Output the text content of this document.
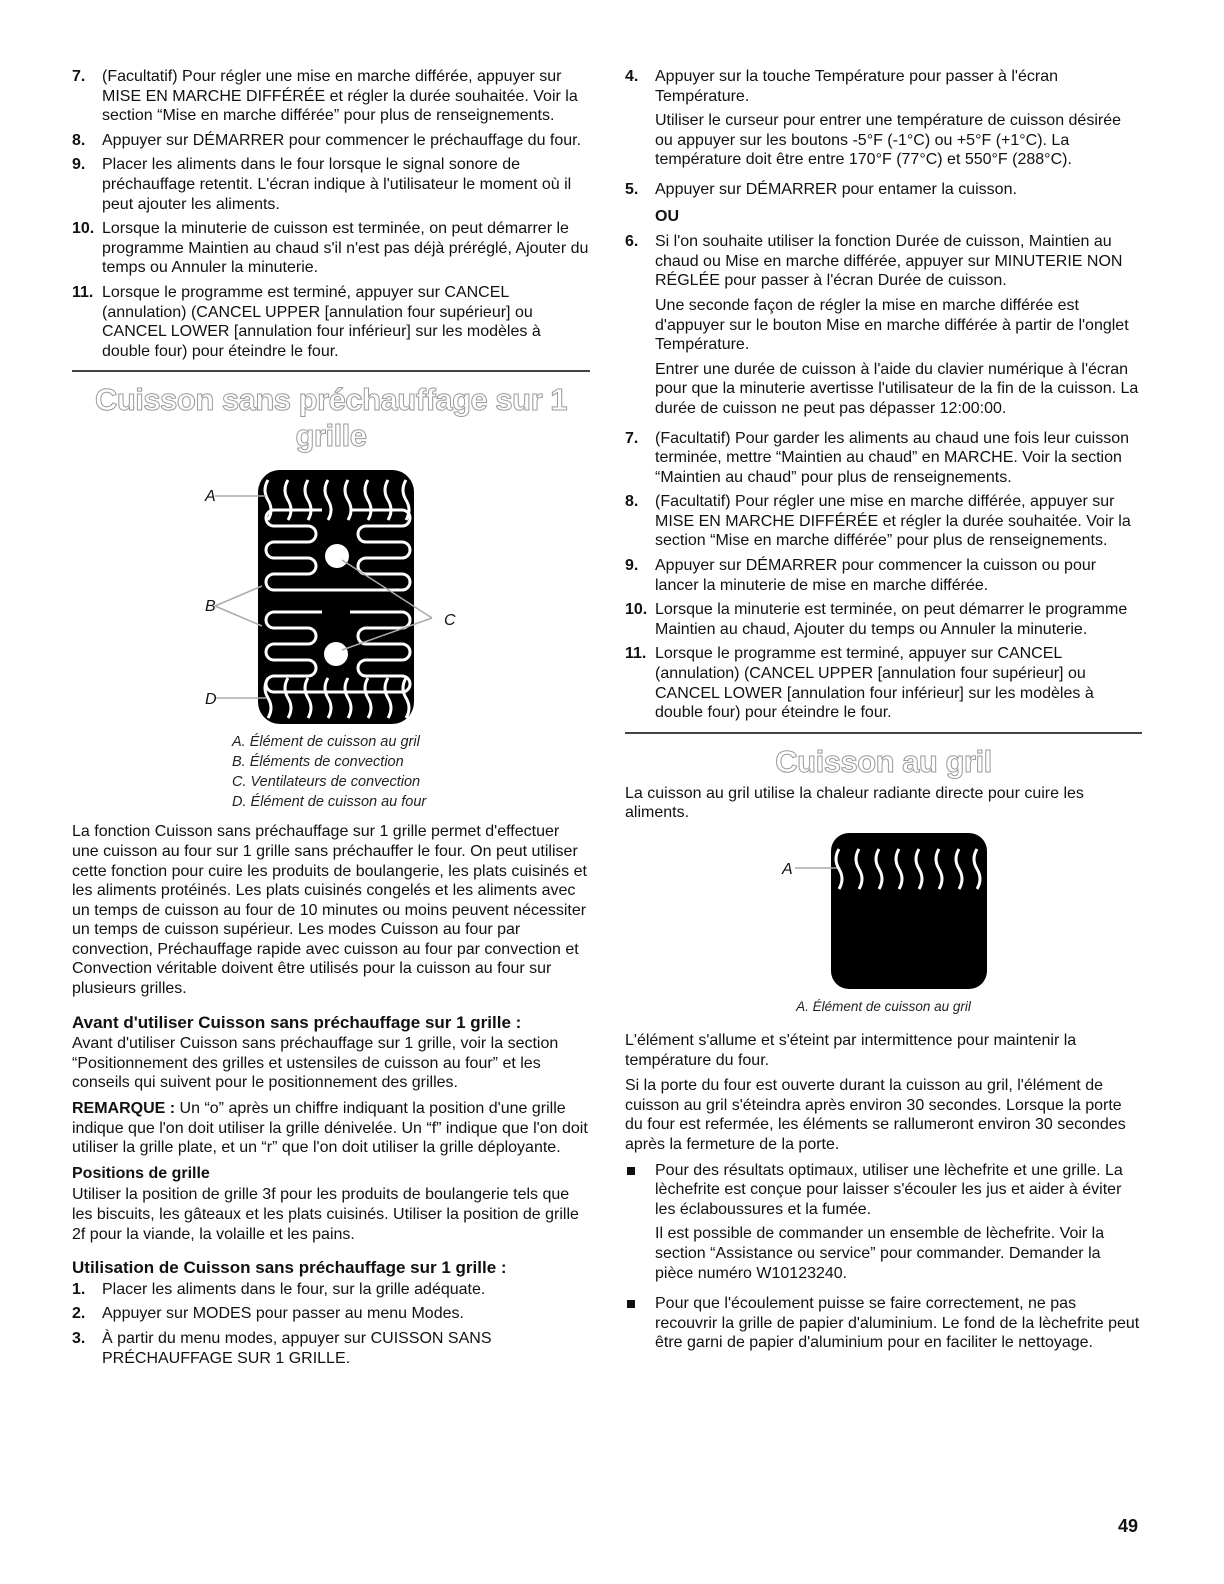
7.	(Facultatif) Pour régler une mise en marche différée, appuyer sur MISE EN MARCHE DIFFÉRÉE et régler la durée souhaitée. Voir la section “Mise en marche différée” pour plus de renseignements.
8.	Appuyer sur DÉMARRER pour commencer le préchauffage du four.
9.	Placer les aliments dans le four lorsque le signal sonore de préchauffage retentit. L'écran indique à l'utilisateur le moment où il peut ajouter les aliments.
10. Lorsque la minuterie de cuisson est terminée, on peut démarrer le programme Maintien au chaud s'il n'est pas déjà préréglé, Ajouter du temps ou Annuler la minuterie.
11. Lorsque le programme est terminé, appuyer sur CANCEL (annulation) (CANCEL UPPER [annulation four supérieur] ou CANCEL LOWER [annulation four inférieur] sur les modèles à double four) pour éteindre le four.
Cuisson sans préchauffage sur 1 grille
A
B
C
D
A. Élément de cuisson au gril
B. Éléments de convection
C. Ventilateurs de convection
D. Élément de cuisson au four

La fonction Cuisson sans préchauffage sur 1 grille permet d'effectuer une cuisson au four sur 1 grille sans préchauffer le four. On peut utiliser cette fonction pour cuire les produits de boulangerie, les plats cuisinés et les aliments protéinés. Les plats cuisinés congelés et les aliments avec un temps de cuisson au four de 10 minutes ou moins peuvent nécessiter un temps de cuisson supérieur. Les modes Cuisson au four par convection, Préchauffage rapide avec cuisson au four par convection et Convection véritable doivent être utilisés pour la cuisson au four sur plusieurs grilles.

Avant d'utiliser Cuisson sans préchauffage sur 1 grille :

Avant d'utiliser Cuisson sans préchauffage sur 1 grille, voir la section “Positionnement des grilles et ustensiles de cuisson au four” et les conseils qui suivent pour le positionnement des grilles.

REMARQUE : Un “o” après un chiffre indiquant la position d'une grille indique que l'on doit utiliser la grille dénivelée. Un “f” indique que l'on doit utiliser la grille plate, et un “r” que l'on doit utiliser la grille déployante.

Positions de grille

Utiliser la position de grille 3f pour les produits de boulangerie tels que les biscuits, les gâteaux et les plats cuisinés. Utiliser la position de grille 2f pour la viande, la volaille et les pains.

Utilisation de Cuisson sans préchauffage sur 1 grille :
1.	Placer les aliments dans le four, sur la grille adéquate.
2.	Appuyer sur MODES pour passer au menu Modes.
3.	À partir du menu modes, appuyer sur CUISSON SANS PRÉCHAUFFAGE SUR 1 GRILLE.
4.	Appuyer sur la touche Température pour passer à l'écran Température.

Utiliser le curseur pour entrer une température de cuisson désirée ou appuyer sur les boutons -5°F (-1°C) ou +5°F (+1°C). La température doit être entre 170°F (77°C) et 550°F (288°C).

5.	Appuyer sur DÉMARRER pour entamer la cuisson.

OU
6.	Si l'on souhaite utiliser la fonction Durée de cuisson, Maintien au chaud ou Mise en marche différée, appuyer sur MINUTERIE NON RÉGLÉE pour passer à l'écran Durée de cuisson.

Une seconde façon de régler la mise en marche différée est d'appuyer sur le bouton Mise en marche différée à partir de l'onglet Température.

Entrer une durée de cuisson à l'aide du clavier numérique à l'écran pour que la minuterie avertisse l'utilisateur de la fin de la cuisson. La durée de cuisson ne peut pas dépasser 12:00:00.

7.	(Facultatif) Pour garder les aliments au chaud une fois leur cuisson terminée, mettre “Maintien au chaud” en MARCHE. Voir la section “Maintien au chaud” pour plus de renseignements.
8.	(Facultatif) Pour régler une mise en marche différée, appuyer sur MISE EN MARCHE DIFFÉRÉE et régler la durée souhaitée. Voir la section “Mise en marche différée” pour plus de renseignements.
9.	Appuyer sur DÉMARRER pour commencer la cuisson ou pour lancer la minuterie de mise en marche différée.
10. Lorsque la minuterie est terminée, on peut démarrer le programme Maintien au chaud, Ajouter du temps ou Annuler la minuterie.
11. Lorsque le programme est terminé, appuyer sur CANCEL (annulation) (CANCEL UPPER [annulation four supérieur] ou CANCEL LOWER [annulation four inférieur] sur les modèles à double four) pour éteindre le four.
Cuisson au gril

La cuisson au gril utilise la chaleur radiante directe pour cuire les aliments.

A
A. Élément de cuisson au gril

L'élément s'allume et s'éteint par intermittence pour maintenir la température du four.

Si la porte du four est ouverte durant la cuisson au gril, l'élément de cuisson au gril s'éteindra après environ 30 secondes. Lorsque la porte du four est refermée, les éléments se rallumeront environ 30 secondes après la fermeture de la porte.

Pour des résultats optimaux, utiliser une lèchefrite et une grille. La lèchefrite est conçue pour laisser s'écouler les jus et aider à éviter les éclaboussures et la fumée.

Il est possible de commander un ensemble de lèchefrite. Voir la section “Assistance ou service” pour commander. Demander la pièce numéro W10123240.

Pour que l'écoulement puisse se faire correctement, ne pas recouvrir la grille de papier d'aluminium. Le fond de la lèchefrite peut être garni de papier d'aluminium pour en faciliter le nettoyage.

49
